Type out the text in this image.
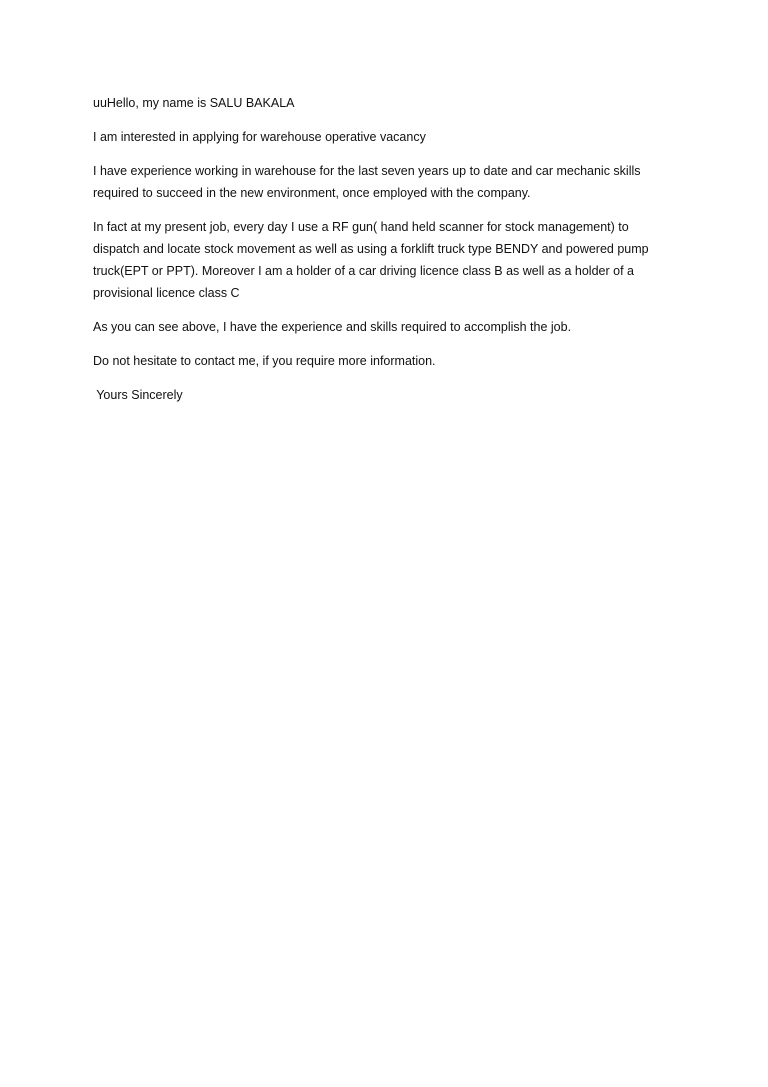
uuHello, my name is SALU BAKALA

I am interested in applying for warehouse operative vacancy

I have experience working in warehouse for the last seven years up to date and car mechanic skills
required to succeed in the new environment, once employed with the company.

In fact at my present job, every day I use a RF gun( hand held scanner for stock management) to
dispatch and locate stock movement as well as using a forklift truck type BENDY and powered pump
truck(EPT or PPT). Moreover I am a holder of a car driving licence class B as well as a holder of a
provisional licence class C

As you can see above, I have the experience and skills required to accomplish the job.

Do not hesitate to contact me, if you require more information.

Yours Sincerely
